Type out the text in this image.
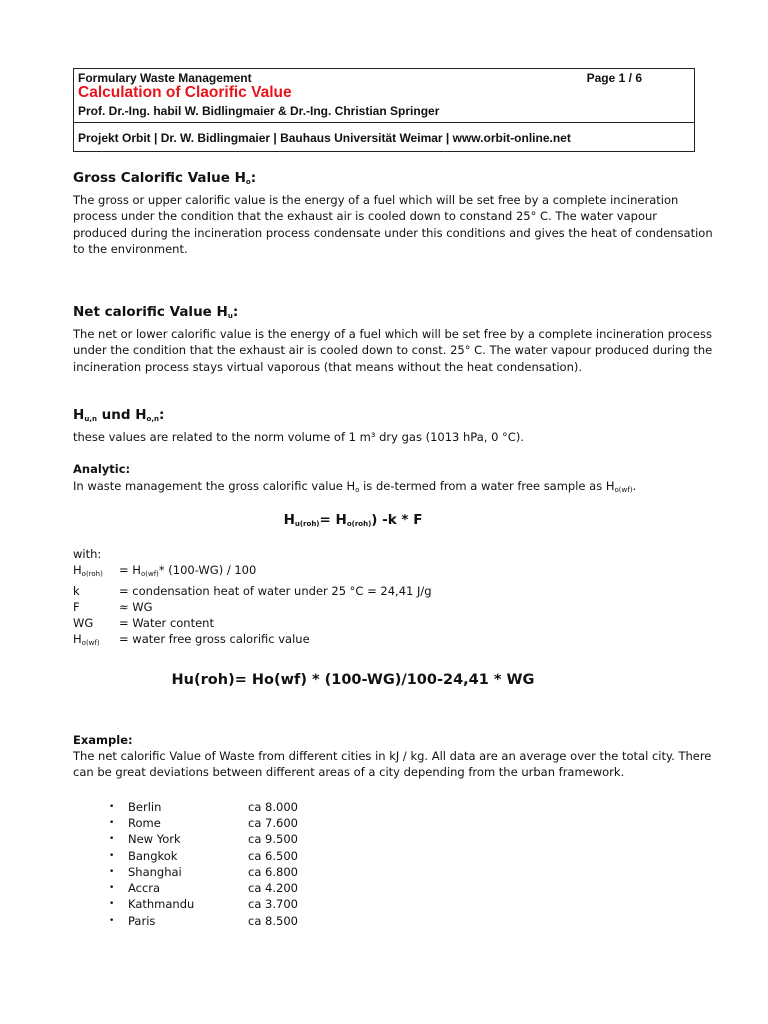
Formulary Waste Management	Page 1 / 6
Calculation of Claorific Value
Prof. Dr.-Ing. habil W. Bidlingmaier & Dr.-Ing. Christian Springer
Projekt Orbit | Dr. W. Bidlingmaier | Bauhaus Universität Weimar | www.orbit-online.net

Gross Calorific Value $H_o$:

The gross or upper calorific value is the energy of a fuel which will be set free by a complete incineration process under the condition that the exhaust air is cooled down to constand 25° C. The water vapour produced during the incineration process condensate under this conditions and gives the heat of condensation to the environment.

Net calorific Value $H_u$:

The net or lower calorific value is the energy of a fuel which will be set free by a complete incineration process under the condition that the exhaust air is cooled down to const. 25° C. The water vapour produced during the incineration process stays virtual vaporous (that means without the heat condensation).

$H_{u,n}$ und $H_{o,n}$:

these values are related to the norm volume of 1 m³ dry gas (1013 hPa, 0 °C).

Analytic:

In waste management the gross calorific value $H_o$ is de-termed from a water free sample as $H_{o(wf)}$.

$H_{u(roh)}= H_{o(roh)}$) -k * F

with:

$H_{o(roh)}$	= $H_{o(wf)}*$ (100-WG) / 100
k	= condensation heat of water under 25 °C = 24,41 J/g
F	≈ WG
WG	= Water content
$H_{o(wf)}$	= water free gross calorific value

Hu(roh)= Ho(wf) * (100-WG)/100-24,41 * WG

Example:

The net calorific Value of Waste from different cities in kJ / kg. All data are an average over the total city. There can be great deviations between different areas of a city depending from the urban framework.

•	Berlin	ca 8.000
•	Rome	ca 7.600
•	New York	ca 9.500
•	Bangkok	ca 6.500
•	Shanghai	ca 6.800
•	Accra	ca 4.200
•	Kathmandu	ca 3.700
•	Paris	ca 8.500
